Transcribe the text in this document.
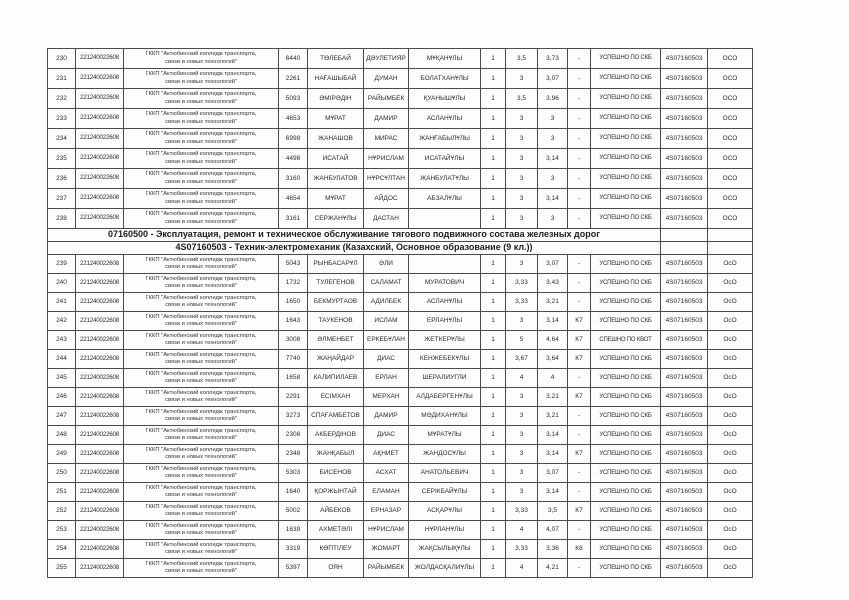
230	221240022608	ГККП "Актюбинский колледж транспорта,
связи и новых технологий"	6440	ТӨЛЕБАЙ	ДӘУЛЕТИЯР	МҰҚАНҰЛЫ	1	3,5	3,73	-	УСПЕШНО ПО СКБ	4S07160503	ОСО
231	221240022608	ГККП "Актюбинский колледж транспорта,
связи и новых технологий"	2261	НАҒАШЫБАЙ	ДУМАН	БОЛАТХАНҰЛЫ	1	3	3,07	-	УСПЕШНО ПО СКБ	4S07160503	ОСО
232	221240022608	ГККП "Актюбинский колледж транспорта,
связи и новых технологий"	5093	ӘМІРӘДІН	РАЙЫМБЕК	ҚУАНЫШҰЛЫ	1	3,5	3,96	-	УСПЕШНО ПО СКБ	4S07160503	ОСО
233	221240022608	ГККП "Актюбинский колледж транспорта,
связи и новых технологий"	4653	МҰРАТ	ДАМИР	АСЛАНҰЛЫ	1	3	3	-	УСПЕШНО ПО СКБ	4S07160503	ОСО
234	221240022608	ГККП "Актюбинский колледж транспорта,
связи и новых технологий"	6998	ЖАНАШОВ	МИРАС	ЖАНҒАБЫЛҰЛЫ	1	3	3	-	УСПЕШНО ПО СКБ	4S07160503	ОСО
235	221240022608	ГККП "Актюбинский колледж транспорта,
связи и новых технологий"	4498	ИСАТАЙ	НҰРИСЛАМ	ИСАТАЙҰЛЫ	1	3	3,14	-	УСПЕШНО ПО СКБ	4S07160503	ОСО
236	221240022608	ГККП "Актюбинский колледж транспорта,
связи и новых технологий"	3160	ЖАНБУЛАТОВ	НҰРСҰЛТАН	ЖАНБУЛАТҰЛЫ	1	3	3	-	УСПЕШНО ПО СКБ	4S07160503	ОСО
237	221240022608	ГККП "Актюбинский колледж транспорта,
связи и новых технологий"	4654	МҰРАТ	АЙДОС	АБЗАЛҰЛЫ	1	3	3,14	-	УСПЕШНО ПО СКБ	4S07160503	ОСО
238	221240022608	ГККП "Актюбинский колледж транспорта,
связи и новых технологий"	3161	СЕРЖАНҰЛЫ	ДАСТАН		1	3	3	-	УСПЕШНО ПО СКБ	4S07160503	ОСО
07160500 - Эксплуатация, ремонт и техническое обслуживание тягового подвижного состава железных дорог													
4S07160503 - Техник-электромеханик (Казахский, Основное образование (9 кл.))													
239	221240022608	ГККП "Актюбинский колледж транспорта,
связи и новых технологий"	5043	РЫНБАСАРҰЛ	ӘЛИ		1	3	3,07	-	УСПЕШНО ПО СКБ	4S07160503	ОсО
240	221240022608	ГККП "Актюбинский колледж транспорта,
связи и новых технологий"	1732	ТУЛЕГЕНОВ	САЛАМАТ	МУРАТОВИЧ	1	3,33	3,43	-	УСПЕШНО ПО СКБ	4S07160503	ОсО
241	221240022608	ГККП "Актюбинский колледж транспорта,
связи и новых технологий"	1650	БЕКМУРТАОВ	АДИЛБЕК	АСЛАНҰЛЫ	1	3,33	3,21	-	УСПЕШНО ПО СКБ	4S07160503	ОсО
242	221240022608	ГККП "Актюбинский колледж транспорта,
связи и новых технологий"	1643	ТАУКЕНОВ	ИСЛАМ	ЕРЛАНҰЛЫ	1	3	3,14	К7	УСПЕШНО ПО СКБ	4S07160503	ОсО
243	221240022608	ГККП "Актюбинский колледж транспорта,
связи и новых технологий"	3008	ӘЛМЕНБЕТ	ЕРКЕБҰЛАН	ЖЕТКЕРҰЛЫ	1	5	4,64	К7	СПЕШНО ПО КВОТ	4S07160503	ОсО
244	221240022608	ГККП "Актюбинский колледж транспорта,
связи и новых технологий"	7740	ЖАҢАЙДАР	ДИАС	КЕНЖЕБЕКҰЛЫ	1	3,67	3,64	К7	УСПЕШНО ПО СКБ	4S07160503	ОсО
245	221240022608	ГККП "Актюбинский колледж транспорта,
связи и новых технологий"	1658	КАЛИПИЛАЕВ	ЕРЛАН	ШЕРАЛИУГЛИ	1	4	4	-	УСПЕШНО ПО СКБ	4S07160503	ОсО
246	221240022608	ГККП "Актюбинский колледж транспорта,
связи и новых технологий"	2291	ЕСІМХАН	МЕРХАН	АЛДАБЕРГЕНҰЛЫ	1	3	3,21	К7	УСПЕШНО ПО СКБ	4S07160503	ОсО
247	221240022608	ГККП "Актюбинский колледж транспорта,
связи и новых технологий"	3273	СПАҒАМБЕТОВ	ДАМИР	МӘДИХАНҰЛЫ	1	3	3,21	-	УСПЕШНО ПО СКБ	4S07160503	ОсО
248	221240022608	ГККП "Актюбинский колледж транспорта,
связи и новых технологий"	2308	АКБЕРДІНОВ	ДИАС	МҰРАТҰЛЫ	1	3	3,14	-	УСПЕШНО ПО СКБ	4S07160503	ОсО
249	221240022608	ГККП "Актюбинский колледж транспорта,
связи и новых технологий"	2348	ЖАНҚАБЫЛ	АҚНИЕТ	ЖАНДОСҰЛЫ	1	3	3,14	К7	УСПЕШНО ПО СКБ	4S07160503	ОсО
250	221240022608	ГККП "Актюбинский колледж транспорта,
связи и новых технологий"	5303	БИСЕНОВ	АСХАТ	АНАТОЛЬЕВИЧ	1	3	3,07	-	УСПЕШНО ПО СКБ	4S07160503	ОсО
251	221240022608	ГККП "Актюбинский колледж транспорта,
связи и новых технологий"	1640	ҚОРЖЫНТАЙ	ЕЛАМАН	СЕРІКБАЙҰЛЫ	1	3	3,14	-	УСПЕШНО ПО СКБ	4S07160503	ОсО
252	221240022608	ГККП "Актюбинский колледж транспорта,
связи и новых технологий"	5002	АЙБЕКОВ	ЕРНАЗАР	АСҚАРҰЛЫ	1	3,33	3,5	К7	УСПЕШНО ПО СКБ	4S07160503	ОсО
253	221240022608	ГККП "Актюбинский колледж транспорта,
связи и новых технологий"	1639	АХМЕТӘЛІ	НҰРИСЛАМ	НҰРЛАНҰЛЫ	1	4	4,07	-	УСПЕШНО ПО СКБ	4S07160503	ОсО
254	221240022608	ГККП "Актюбинский колледж транспорта,
связи и новых технологий"	3319	КӨПТІЛЕУ	ЖОМАРТ	ЖАҚСЫЛЫҚҰЛЫ	1	3,33	3,36	К8	УСПЕШНО ПО СКБ	4S07160503	ОсО
255	221240022608	ГККП "Актюбинский колледж транспорта,
связи и новых технологий"	5397	ОЯН	РАЙЫМБЕК	ЖОЛДАСҚАЛИҰЛЫ	1	4	4,21	-	УСПЕШНО ПО СКБ	4S07160503	ОсО
